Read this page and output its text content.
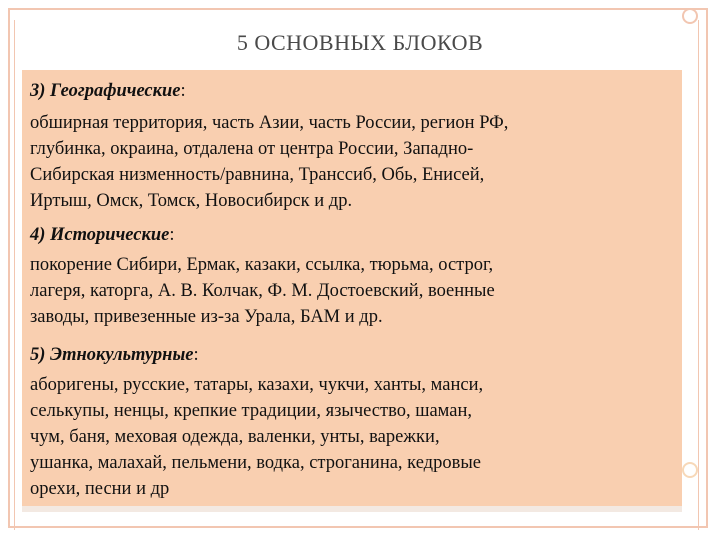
5 ОСНОВНЫХ БЛОКОВ
3) Географические:
обширная территория, часть Азии, часть России, регион РФ,
глубинка, окраина, отдалена от центра России, Западно-
Сибирская низменность/равнина, Транссиб, Обь, Енисей,
Иртыш, Омск, Томск, Новосибирск и др.
4) Исторические:
покорение Сибири, Ермак, казаки, ссылка, тюрьма, острог,
лагеря, каторга, А. В. Колчак, Ф. М. Достоевский, военные
заводы, привезенные из-за Урала, БАМ и др.
5) Этнокультурные:
аборигены, русские, татары, казахи, чукчи, ханты, манси,
селькупы, ненцы, крепкие традиции, язычество, шаман,
чум, баня, меховая одежда, валенки, унты, варежки,
ушанка, малахай, пельмени, водка, строганина, кедровые
орехи, песни и др
